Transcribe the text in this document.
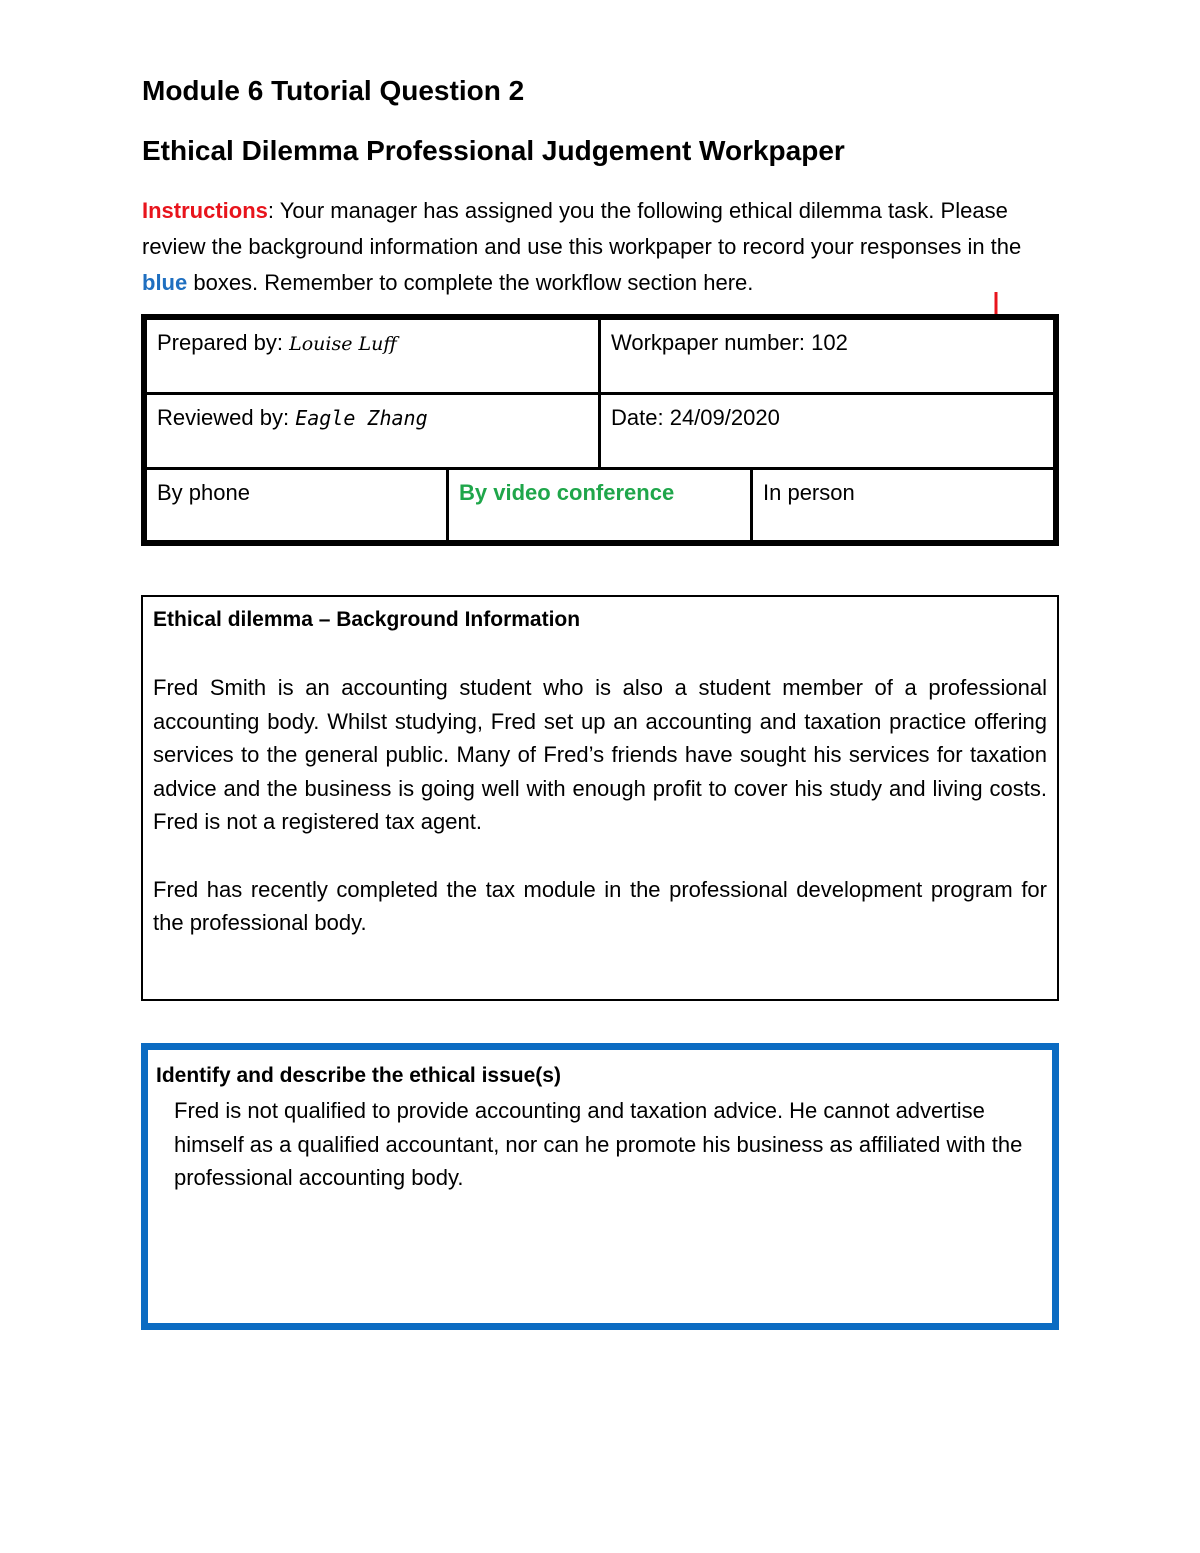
Module 6 Tutorial Question 2
Ethical Dilemma Professional Judgement Workpaper
Instructions: Your manager has assigned you the following ethical dilemma task. Please review the background information and use this workpaper to record your responses in the blue boxes. Remember to complete the workflow section here.
Prepared by: Louise Luff	Workpaper number: 102
Reviewed by: Eagle Zhang	Date: 24/09/2020
By phone	By video conference	In person
Ethical dilemma – Background Information

Fred Smith is an accounting student who is also a student member of a professional accounting body. Whilst studying, Fred set up an accounting and taxation practice offering services to the general public. Many of Fred’s friends have sought his services for taxation advice and the business is going well with enough profit to cover his study and living costs. Fred is not a registered tax agent.

Fred has recently completed the tax module in the professional development program for the professional body.

Identify and describe the ethical issue(s)
Fred is not qualified to provide accounting and taxation advice. He cannot advertise himself as a qualified accountant, nor can he promote his business as affiliated with the professional accounting body.
